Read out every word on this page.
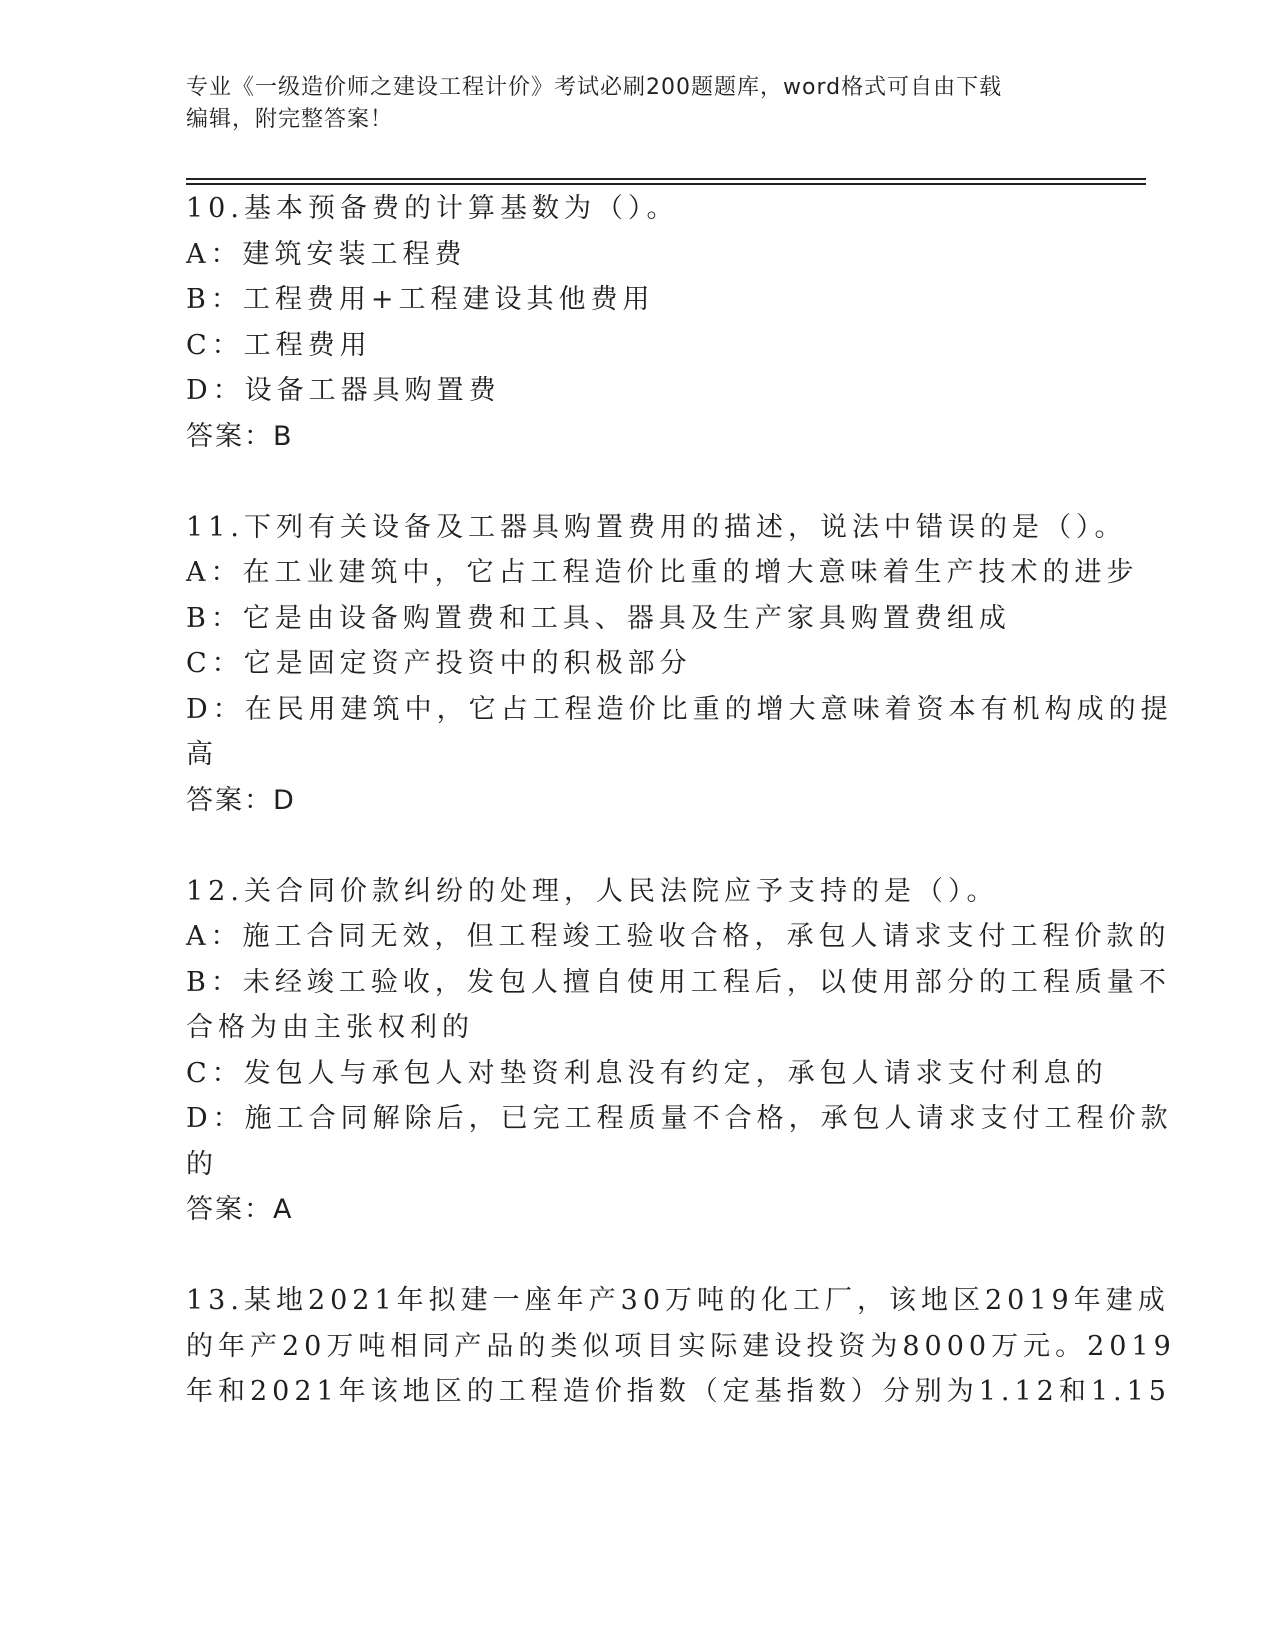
专业《一级造价师之建设工程计价》考试必刷200题题库，word格式可自由下载
编辑，附完整答案！
10.基本预备费的计算基数为（）。
A：建筑安装工程费
B：工程费用+工程建设其他费用
C：工程费用
D：设备工器具购置费
答案：B
11.下列有关设备及工器具购置费用的描述，说法中错误的是（）。
A：在工业建筑中，它占工程造价比重的增大意味着生产技术的进步
B：它是由设备购置费和工具、器具及生产家具购置费组成
C：它是固定资产投资中的积极部分
D：在民用建筑中，它占工程造价比重的增大意味着资本有机构成的提
高
答案：D
12.关合同价款纠纷的处理，人民法院应予支持的是（）。
A：施工合同无效，但工程竣工验收合格，承包人请求支付工程价款的
B：未经竣工验收，发包人擅自使用工程后，以使用部分的工程质量不
合格为由主张权利的
C：发包人与承包人对垫资利息没有约定，承包人请求支付利息的
D：施工合同解除后，已完工程质量不合格，承包人请求支付工程价款
的
答案：A
13.某地2021年拟建一座年产30万吨的化工厂，该地区2019年建成
的年产20万吨相同产品的类似项目实际建设投资为8000万元。2019
年和2021年该地区的工程造价指数（定基指数）分别为1.12和1.15
